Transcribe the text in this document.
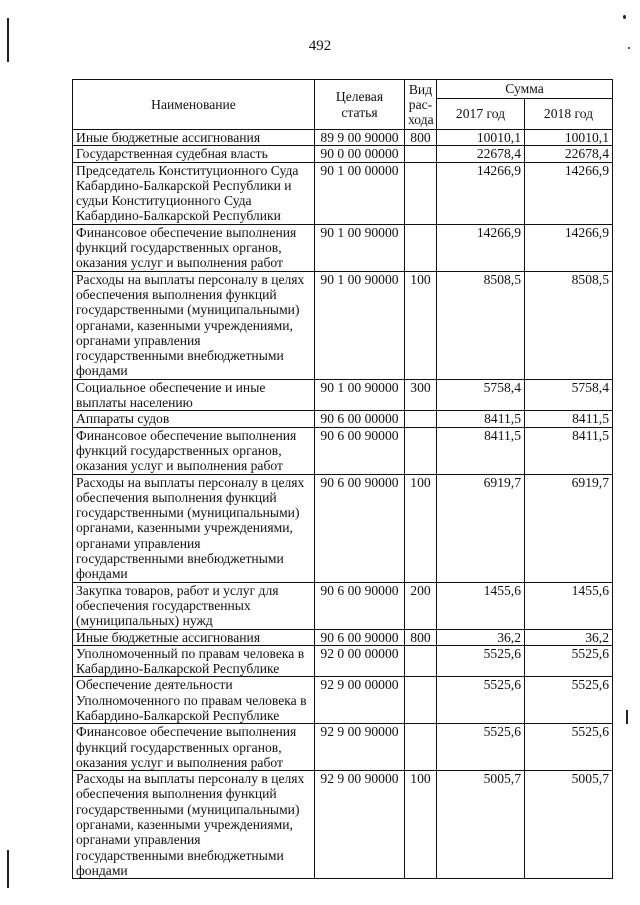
492
Наименование	Целевая статья	Вид рас-хода	Сумма	
			2017 год	2018 год
Иные бюджетные ассигнования	89 9 00 90000	800	10010,1	10010,1
Государственная судебная власть	90 0 00 00000		22678,4	22678,4
Председатель Конституционного Суда Кабардино-Балкарской Республики и судьи Конституционного Суда Кабардино-Балкарской Республики	90 1 00 00000		14266,9	14266,9
Финансовое обеспечение выполнения функций государственных органов, оказания услуг и выполнения работ	90 1 00 90000		14266,9	14266,9
Расходы на выплаты персоналу в целях обеспечения выполнения функций государственными (муниципальными) органами, казенными учреждениями, органами управления государственными внебюджетными фондами	90 1 00 90000	100	8508,5	8508,5
Социальное обеспечение и иные выплаты населению	90 1 00 90000	300	5758,4	5758,4
Аппараты судов	90 6 00 00000		8411,5	8411,5
Финансовое обеспечение выполнения функций государственных органов, оказания услуг и выполнения работ	90 6 00 90000		8411,5	8411,5
Расходы на выплаты персоналу в целях обеспечения выполнения функций государственными (муниципальными) органами, казенными учреждениями, органами управления государственными внебюджетными фондами	90 6 00 90000	100	6919,7	6919,7
Закупка товаров, работ и услуг для обеспечения государственных (муниципальных) нужд	90 6 00 90000	200	1455,6	1455,6
Иные бюджетные ассигнования	90 6 00 90000	800	36,2	36,2
Уполномоченный по правам человека в Кабардино-Балкарской Республике	92 0 00 00000		5525,6	5525,6
Обеспечение деятельности Уполномоченного по правам человека в Кабардино-Балкарской Республике	92 9 00 00000		5525,6	5525,6
Финансовое обеспечение выполнения функций государственных органов, оказания услуг и выполнения работ	92 9 00 90000		5525,6	5525,6
Расходы на выплаты персоналу в целях обеспечения выполнения функций государственными (муниципальными) органами, казенными учреждениями, органами управления государственными внебюджетными фондами	92 9 00 90000	100	5005,7	5005,7
